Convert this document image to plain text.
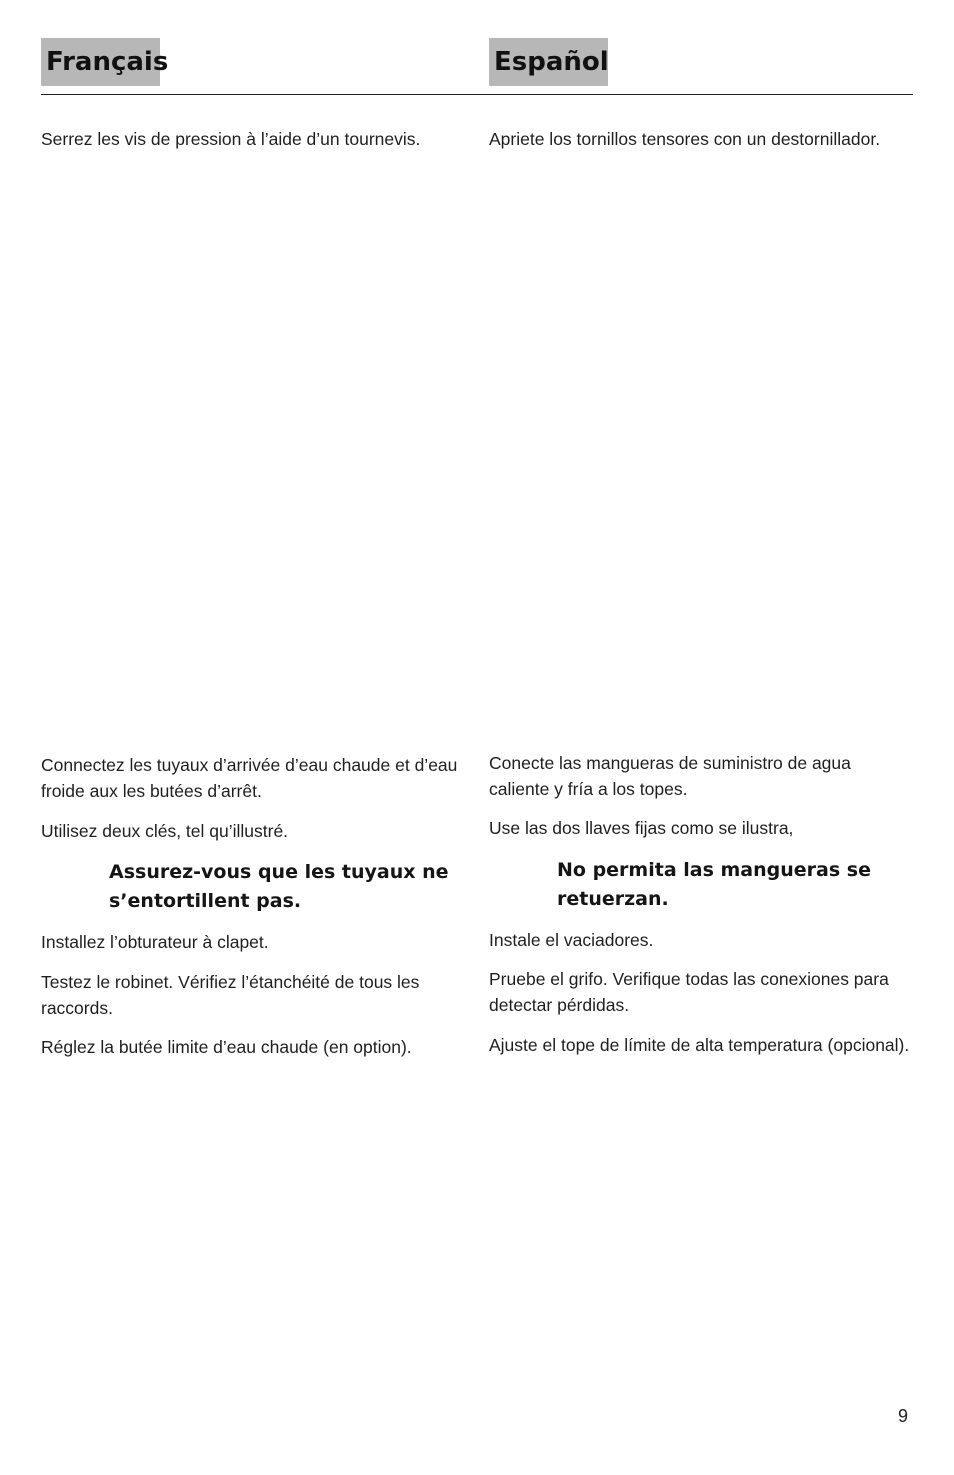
Français	Español

Serrez les vis de pression à l’aide d’un tournevis.

Connectez les tuyaux d’arrivée d’eau chaude et d’eau froide aux les butées d’arrêt.

Utilisez deux clés, tel qu’illustré.

Assurez-vous que les tuyaux ne s’entortillent pas.

Installez l’obturateur à clapet.

Testez le robinet. Vérifiez l’étanchéité de tous les raccords.

Réglez la butée limite d’eau chaude (en option).

Apriete los tornillos tensores con un destornillador.

Conecte las mangueras de suministro de agua caliente y fría a los topes.

Use las dos llaves fijas como se ilustra,

No permita las mangueras se retuerzan.

Instale el vaciadores.

Pruebe el grifo. Verifique todas las conexiones para detectar pérdidas.

Ajuste el tope de límite de alta temperatura (opcional).

9
